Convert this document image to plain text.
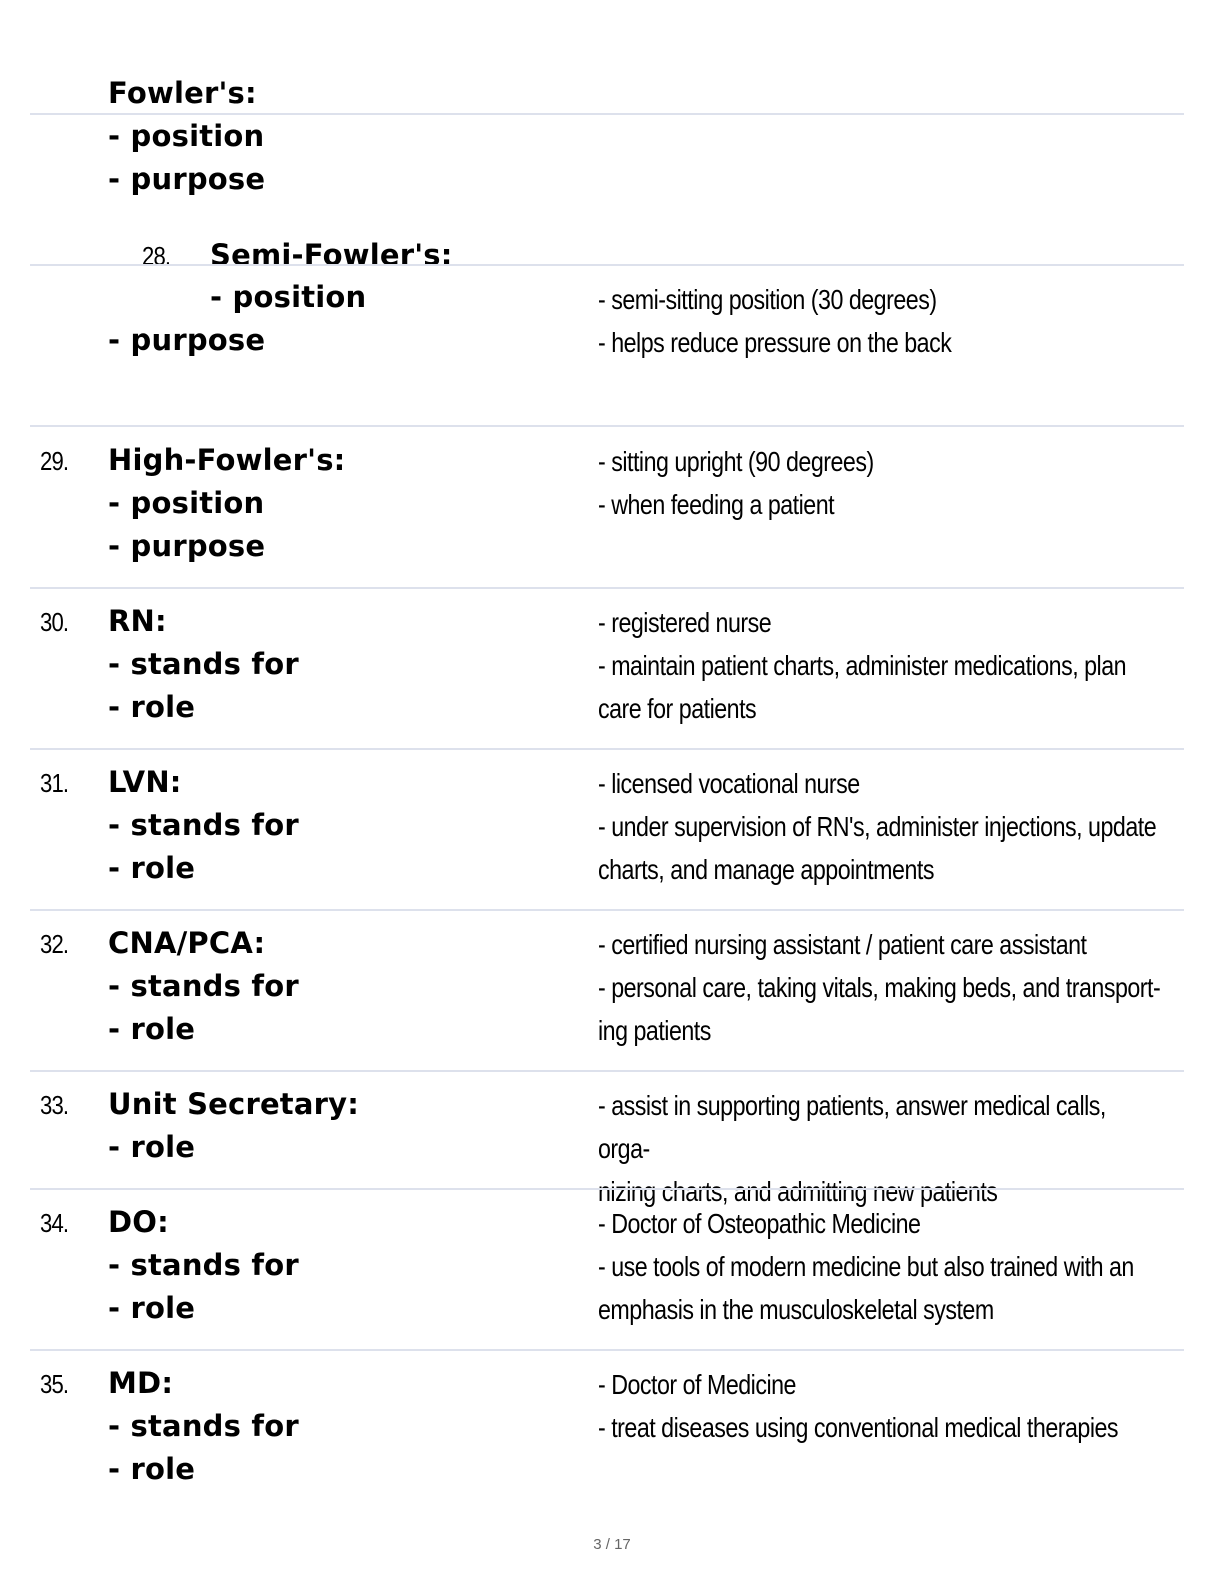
Fowler's:
- position
- purpose
28. Semi-Fowler's:
- position
- purpose
- semi-sitting position (30 degrees)
- helps reduce pressure on the back
29. High-Fowler's:
- position
- purpose
- sitting upright (90 degrees)
- when feeding a patient
30. RN:
- stands for
- role
- registered nurse
- maintain patient charts, administer medications, plan
care for patients
31. LVN:
- stands for
- role
- licensed vocational nurse
- under supervision of RN's, administer injections, update
charts, and manage appointments
32. CNA/PCA:
- stands for
- role
- certified nursing assistant / patient care assistant
- personal care, taking vitals, making beds, and transport-
ing patients
33. Unit Secretary:
- role
- assist in supporting patients, answer medical calls, orga-
nizing charts, and admitting new patients
34. DO:
- stands for
- role
- Doctor of Osteopathic Medicine
- use tools of modern medicine but also trained with an
emphasis in the musculoskeletal system
35. MD:
- stands for
- role
- Doctor of Medicine
- treat diseases using conventional medical therapies
3 / 17
